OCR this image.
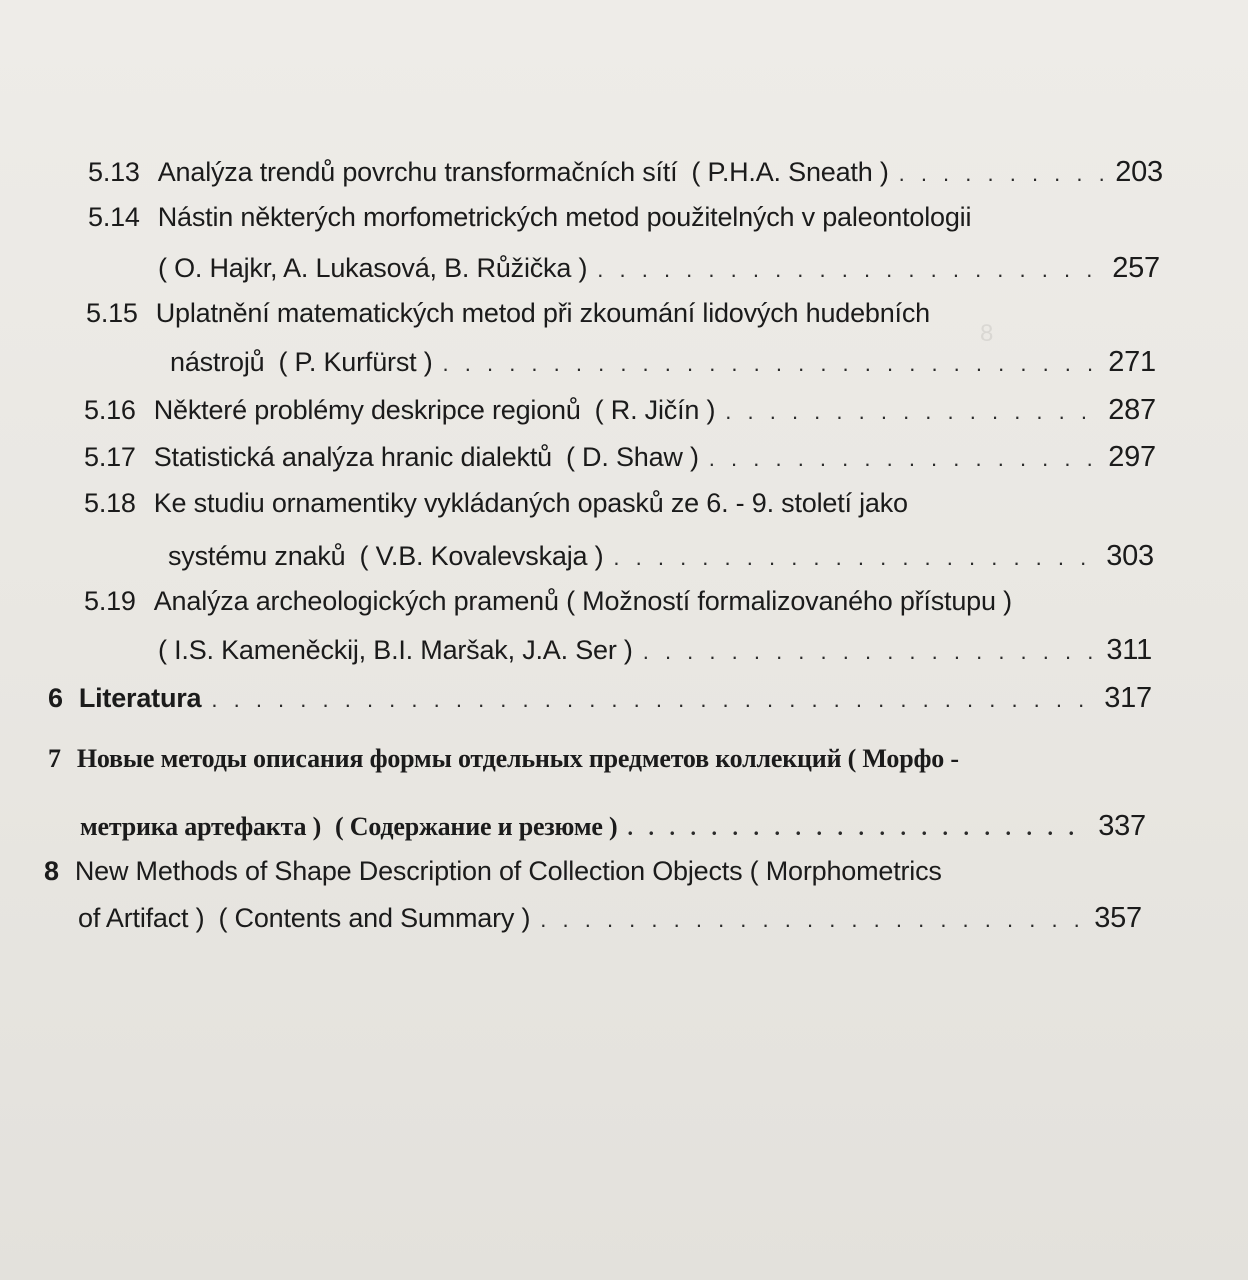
8
5.13 Analýza trendů povrchu transformačních sítí ( P.H.A. Sneath ) . . .	203
5.14 Nástin některých morfometrických metod použitelných v paleontologii
( O. Hajkr, A. Lukasová, B. Růžička ) . . .	257
5.15 Uplatnění matematických metod při zkoumání lidových hudebních
nástrojů ( P. Kurfürst ) . . .	271
5.16 Některé problémy deskripce regionů ( R. Jičín ) . . .	287
5.17 Statistická analýza hranic dialektů ( D. Shaw ) . . .	297
5.18 Ke studiu ornamentiky vykládaných opasků ze 6. - 9. století jako
systému znaků ( V.B. Kovalevskaja ) . . .	303
5.19 Analýza archeologických pramenů ( Možností formalizovaného přístupu )
( I.S. Kameněckij, B.I. Maršak, J.A. Ser ) . . .	311
6 Literatura . . .	317
7 Новые методы описания формы отдельных предметов коллекций ( Морфо -
метрика артефакта ) ( Содержание и резюме ) . . .	337
8 New Methods of Shape Description of Collection Objects ( Morphometrics
of Artifact ) ( Contents and Summary ) . . .	357
